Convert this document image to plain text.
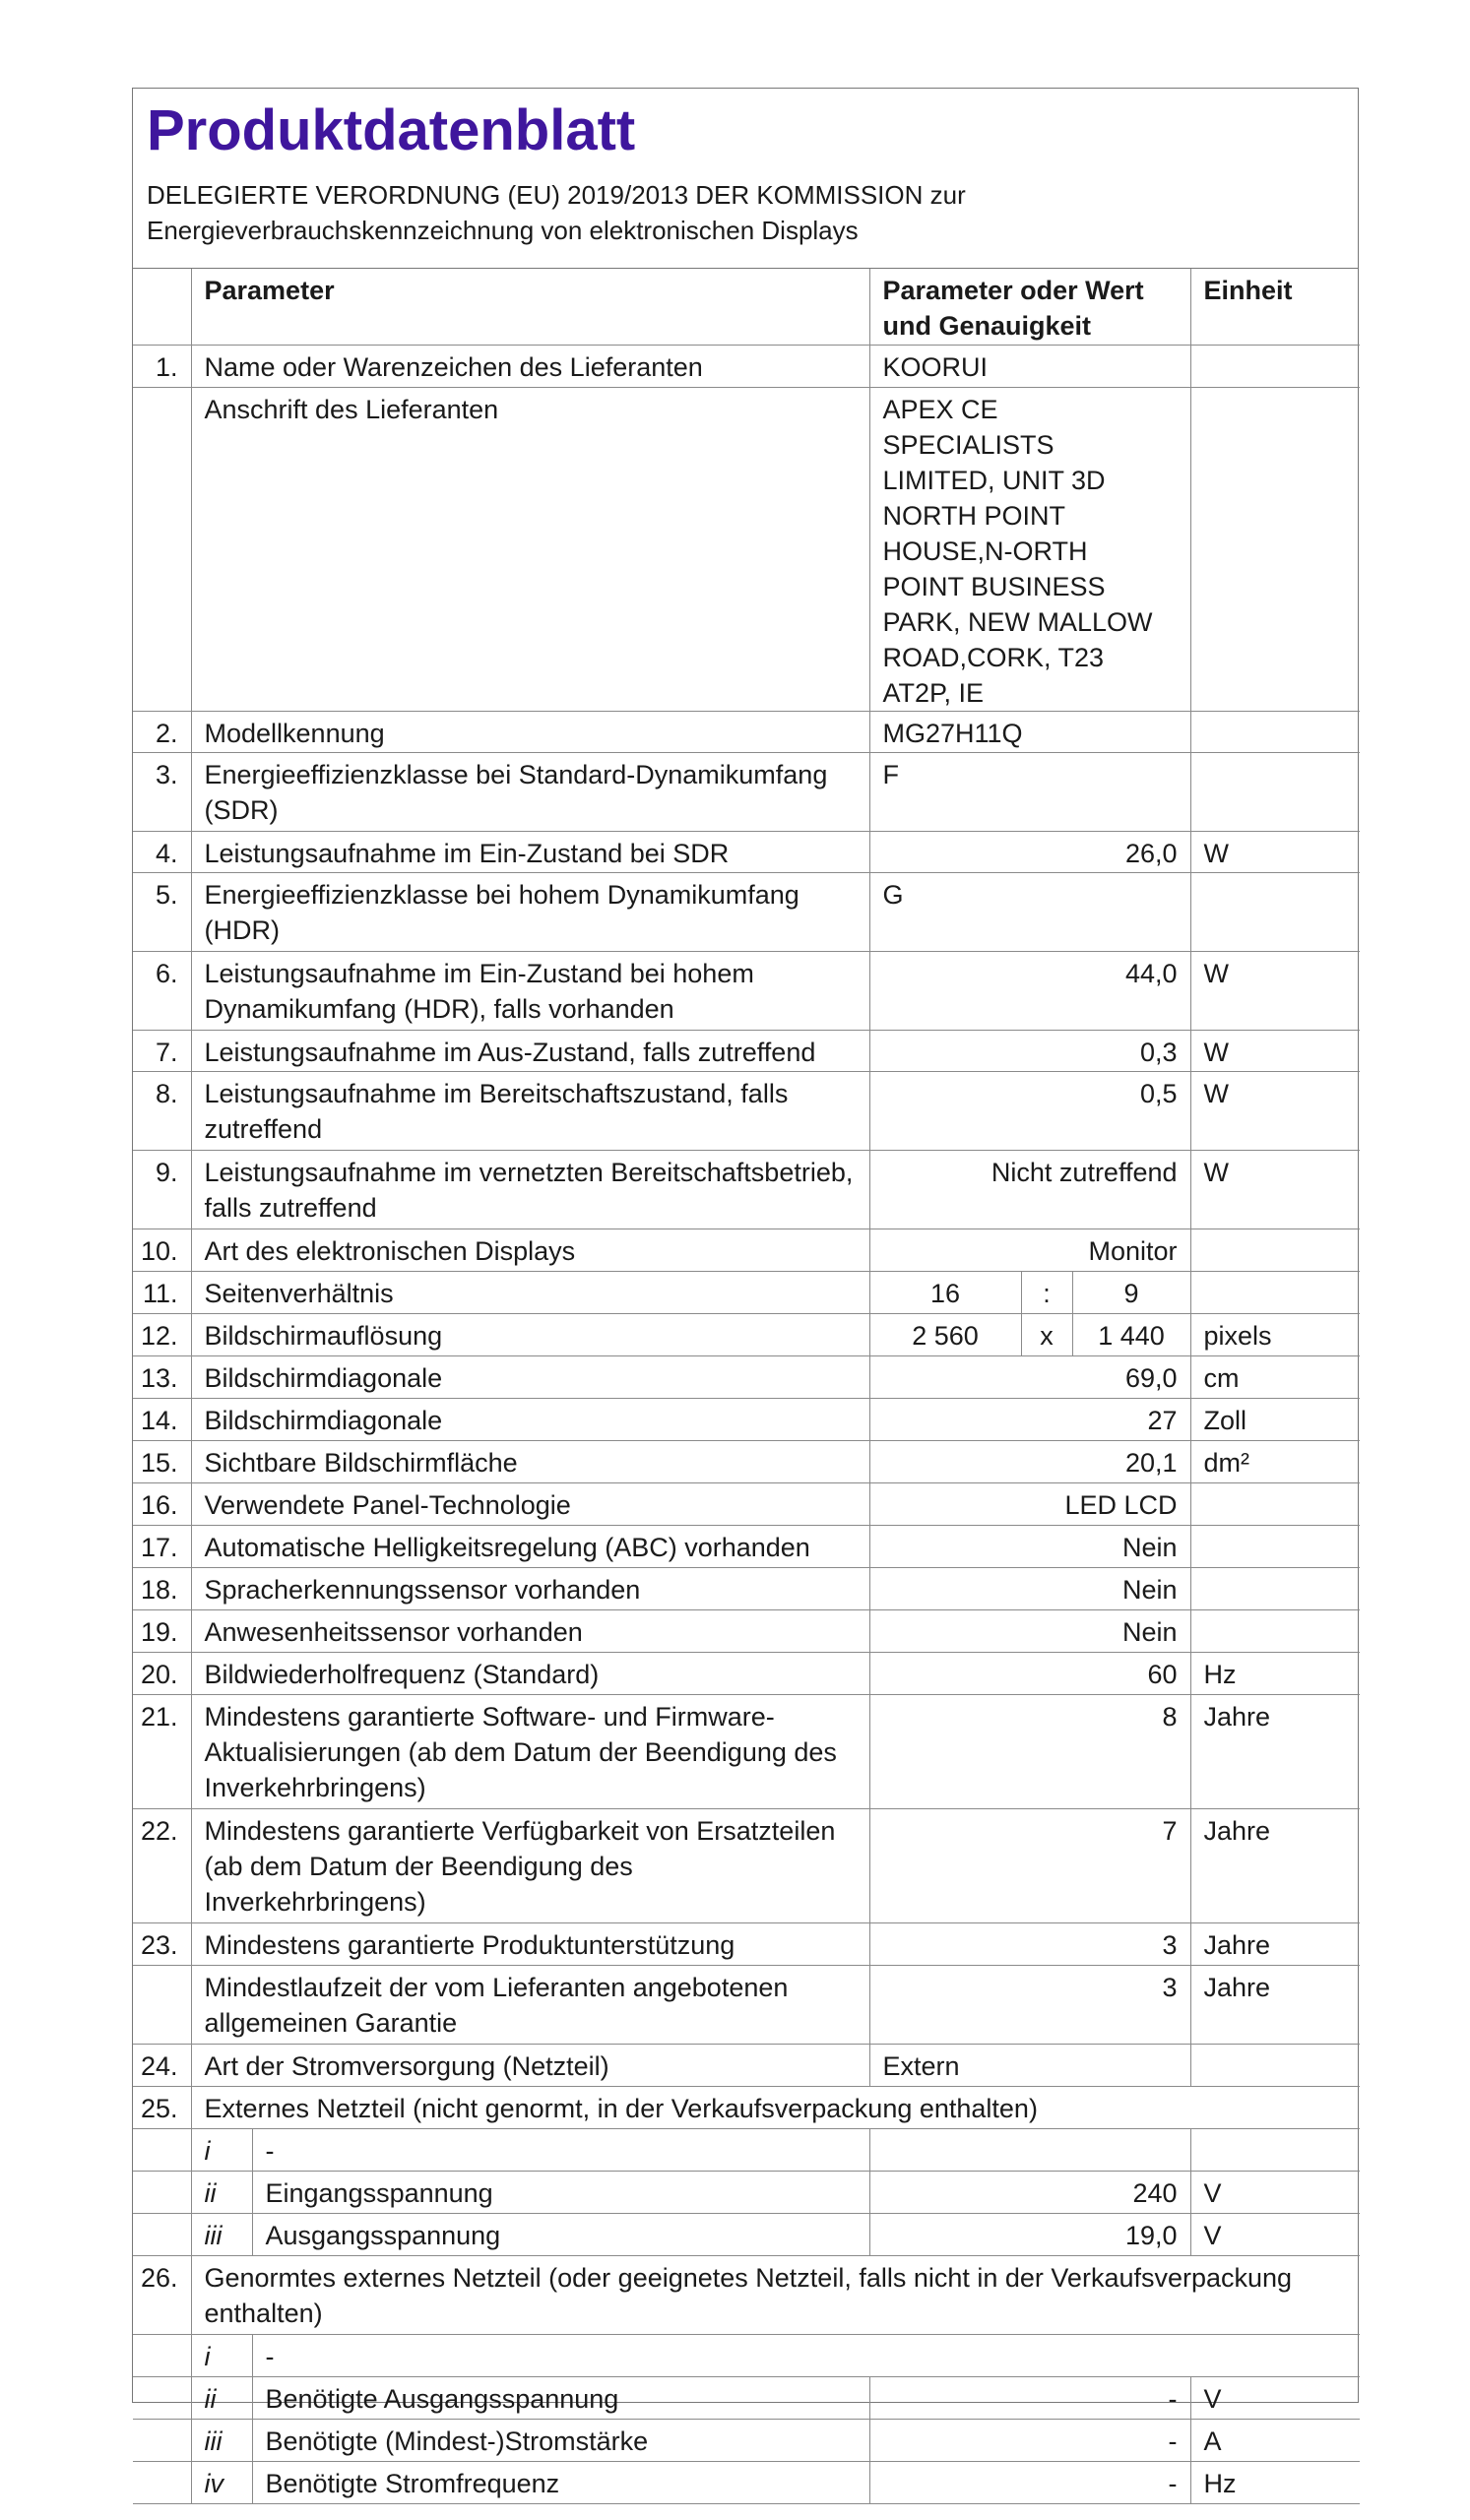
Produktdatenblatt
DELEGIERTE VERORDNUNG (EU) 2019/2013 DER KOMMISSION zur Energieverbrauchskennzeichnung von elektronischen Displays
	Parameter		Parameter oder Wert und Genauigkeit			Einheit
1.	Name oder Warenzeichen des Lieferanten		KOORUI			
	Anschrift des Lieferanten		APEX CE SPECIALISTS LIMITED, UNIT 3D NORTH POINT HOUSE,N-ORTH POINT BUSINESS PARK, NEW MALLOW ROAD,CORK, T23 AT2P, IE			
2.	Modellkennung		MG27H11Q			
3.	Energieeffizienzklasse bei Standard-Dynamikumfang (SDR)		F			
4.	Leistungsaufnahme im Ein-Zustand bei SDR		26,0			W
5.	Energieeffizienzklasse bei hohem Dynamikumfang (HDR)		G			
6.	Leistungsaufnahme im Ein-Zustand bei hohem Dynamikumfang (HDR), falls vorhanden		44,0			W
7.	Leistungsaufnahme im Aus-Zustand, falls zutreffend		0,3			W
8.	Leistungsaufnahme im Bereitschaftszustand, falls zutreffend		0,5			W
9.	Leistungsaufnahme im vernetzten Bereitschaftsbetrieb, falls zutreffend		Nicht zutreffend			W
10.	Art des elektronischen Displays		Monitor			
11.	Seitenverhältnis		16	:	9	
12.	Bildschirmauflösung		2 560	x	1 440	pixels
13.	Bildschirmdiagonale		69,0			cm
14.	Bildschirmdiagonale		27			Zoll
15.	Sichtbare Bildschirmfläche		20,1			dm²
16.	Verwendete Panel-Technologie		LED LCD			
17.	Automatische Helligkeitsregelung (ABC) vorhanden		Nein			
18.	Spracherkennungssensor vorhanden		Nein			
19.	Anwesenheitssensor vorhanden		Nein			
20.	Bildwiederholfrequenz (Standard)		60			Hz
21.	Mindestens garantierte Software- und Firmware-Aktualisierungen (ab dem Datum der Beendigung des Inverkehrbringens)		8			Jahre
22.	Mindestens garantierte Verfügbarkeit von Ersatzteilen (ab dem Datum der Beendigung des Inverkehrbringens)		7			Jahre
23.	Mindestens garantierte Produktunterstützung		3			Jahre
	Mindestlaufzeit der vom Lieferanten angebotenen allgemeinen Garantie		3			Jahre
24.	Art der Stromversorgung (Netzteil)		Extern			
25.	Externes Netzteil (nicht genormt, in der Verkaufsverpackung enthalten)					
	i	-				
	ii	Eingangsspannung	240			V
	iii	Ausgangsspannung	19,0			V
26.	Genormtes externes Netzteil (oder geeignetes Netzteil, falls nicht in der Verkaufsverpackung enthalten)					
	i	-				
	ii	Benötigte Ausgangsspannung	-			V
	iii	Benötigte (Mindest-)Stromstärke	-			A
	iv	Benötigte Stromfrequenz	-			Hz
